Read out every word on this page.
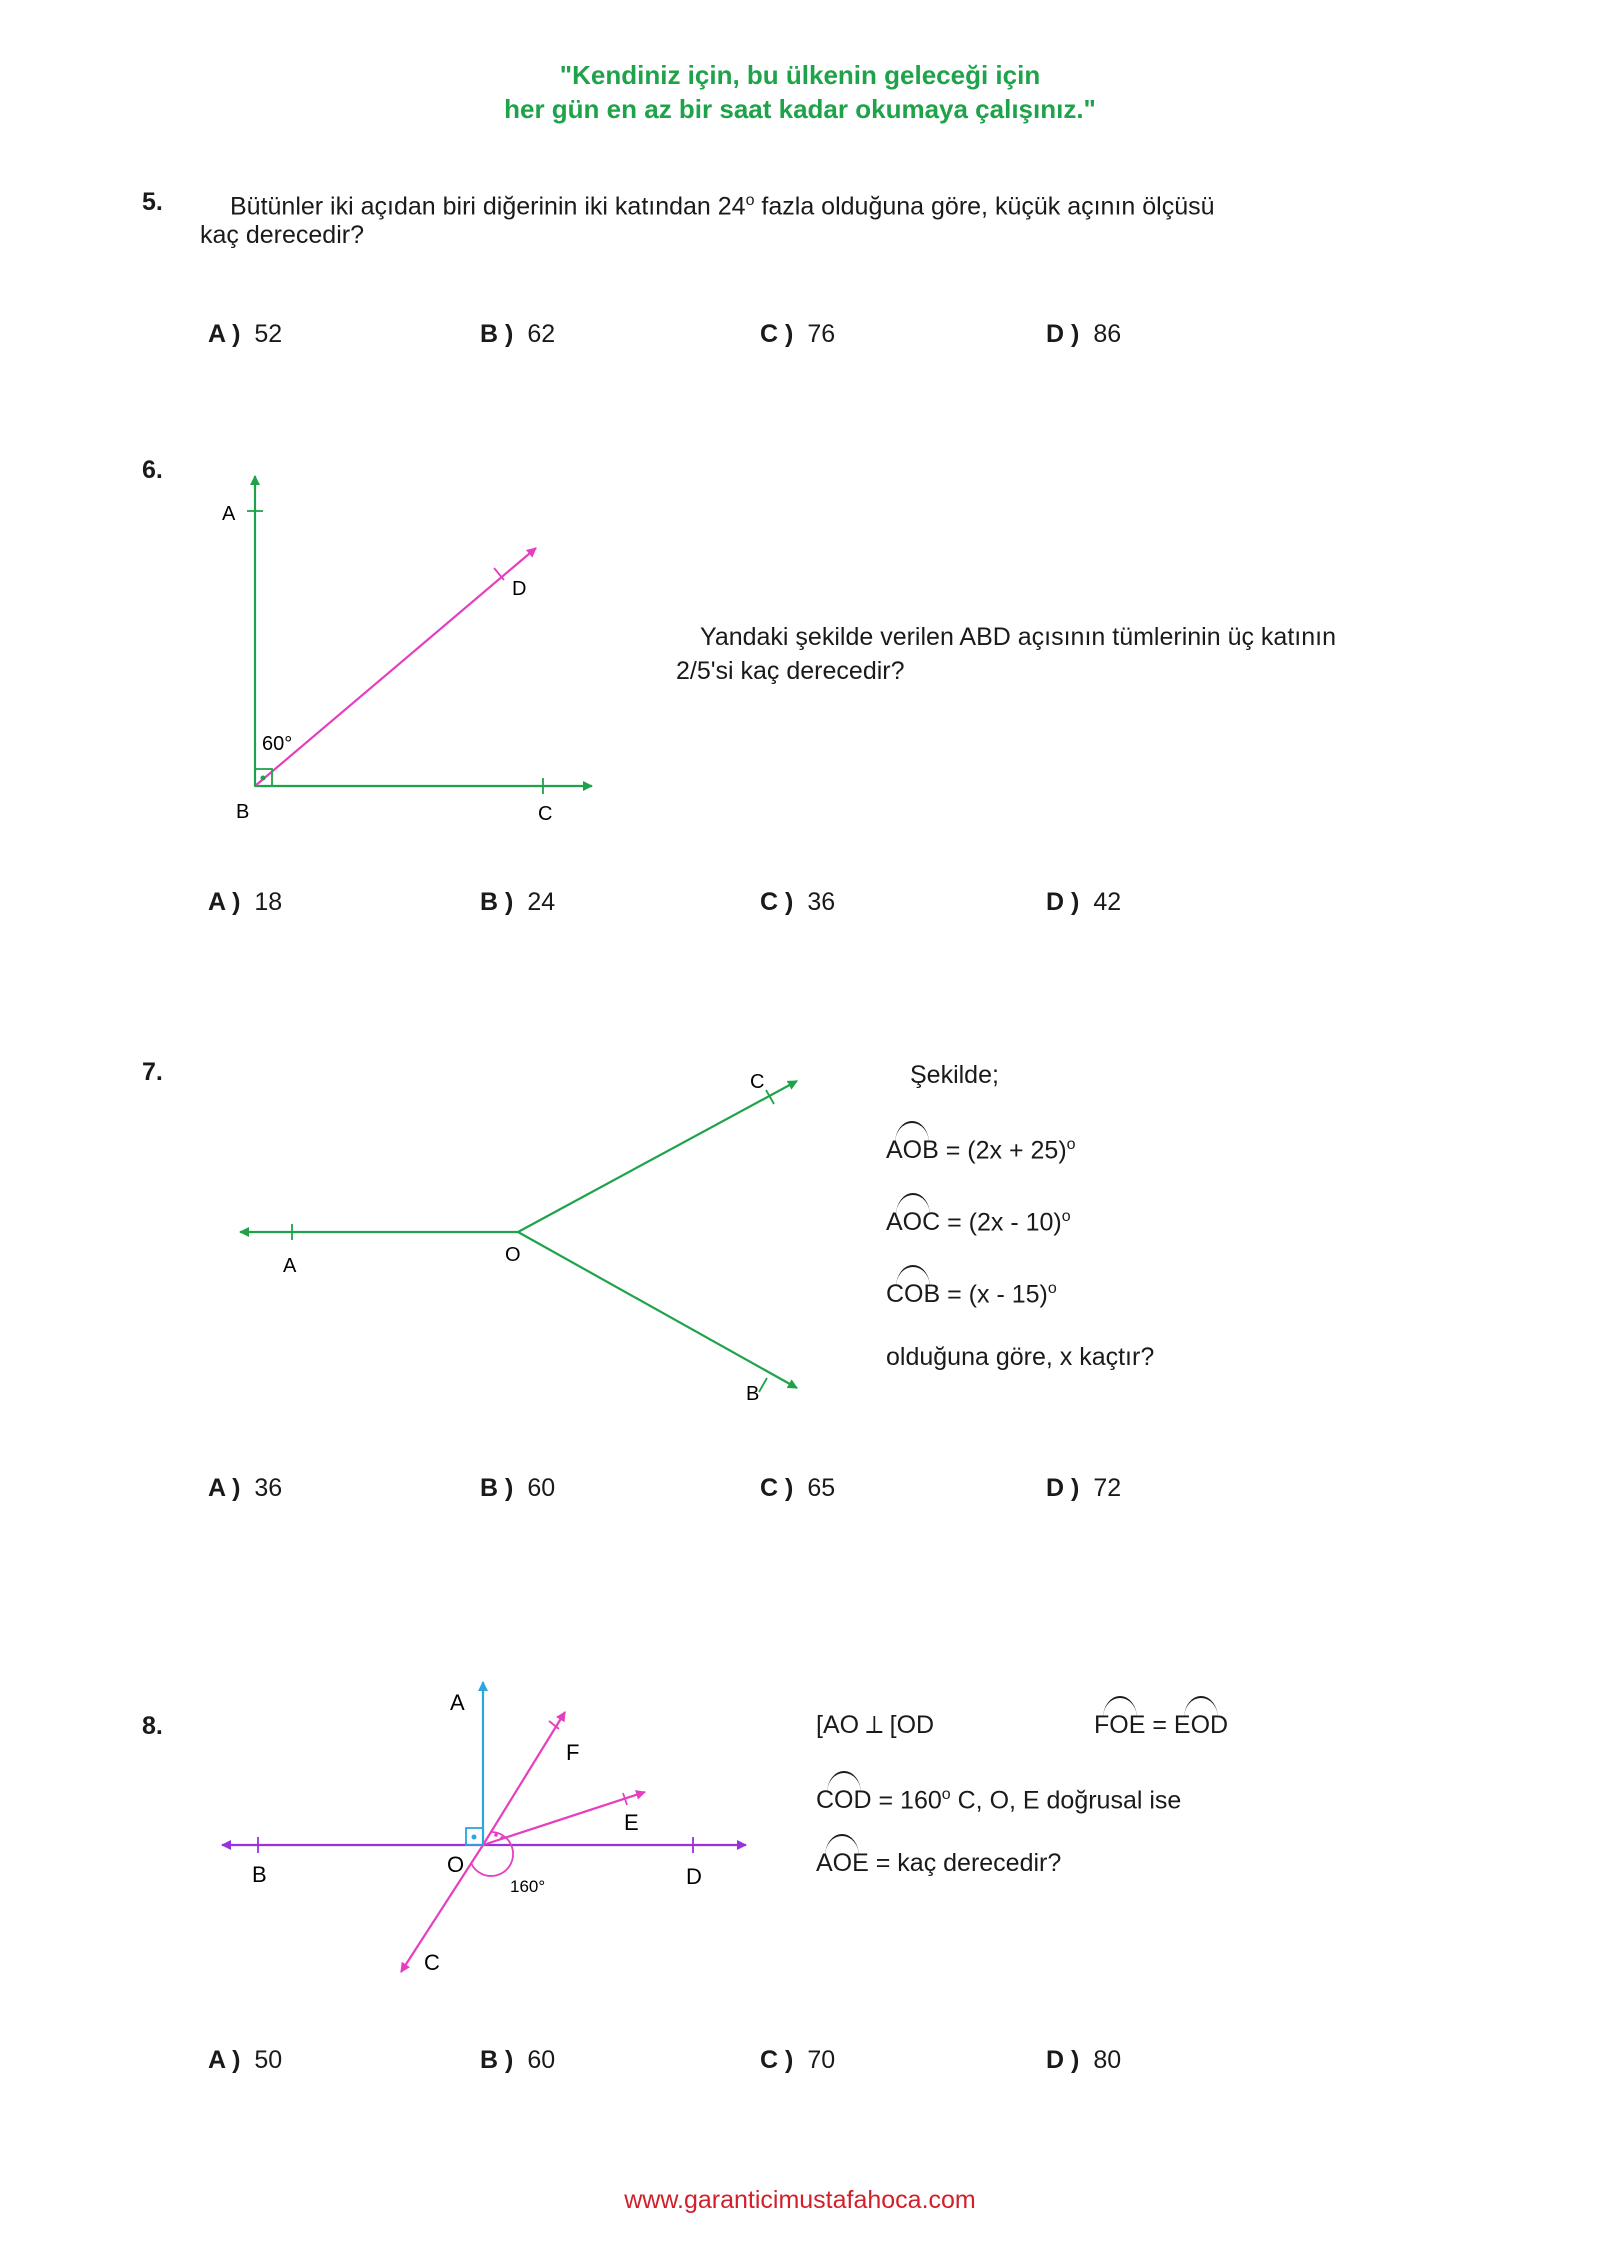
"Kendiniz için, bu ülkenin geleceği için
her gün en az bir saat kadar okumaya çalışınız."
5.	Bütünler iki açıdan biri diğerinin iki katından 24$^o$ fazla olduğuna göre, küçük açının ölçüsü
kaç derecedir?
A ) 52	B ) 62	C ) 76	D ) 86
6.
A
B	C
D
60°
Yandaki şekilde verilen ABD açısının tümlerinin üç katının
2/5'si kaç derecedir?
A ) 18	B ) 24	C ) 36	D ) 42
7.
A	O
C
B
Şekilde;
AOB = $(2x + 25)^o$
AOC = (2x - 10)$^o$
COB = (x - 15)$^o$
olduğuna göre, x kaçtır?
A ) 36	B ) 60	C ) 65	D ) 72
8.
A
B
C
D
E
F
O
160°
[AO ⟂ [OD	FOE = EOD
COD = $160^o$ C, O, E doğrusal ise
AOE = kaç derecedir?
A ) 50	B ) 60	C ) 70	D ) 80
www.garanticimustafahoca.com
